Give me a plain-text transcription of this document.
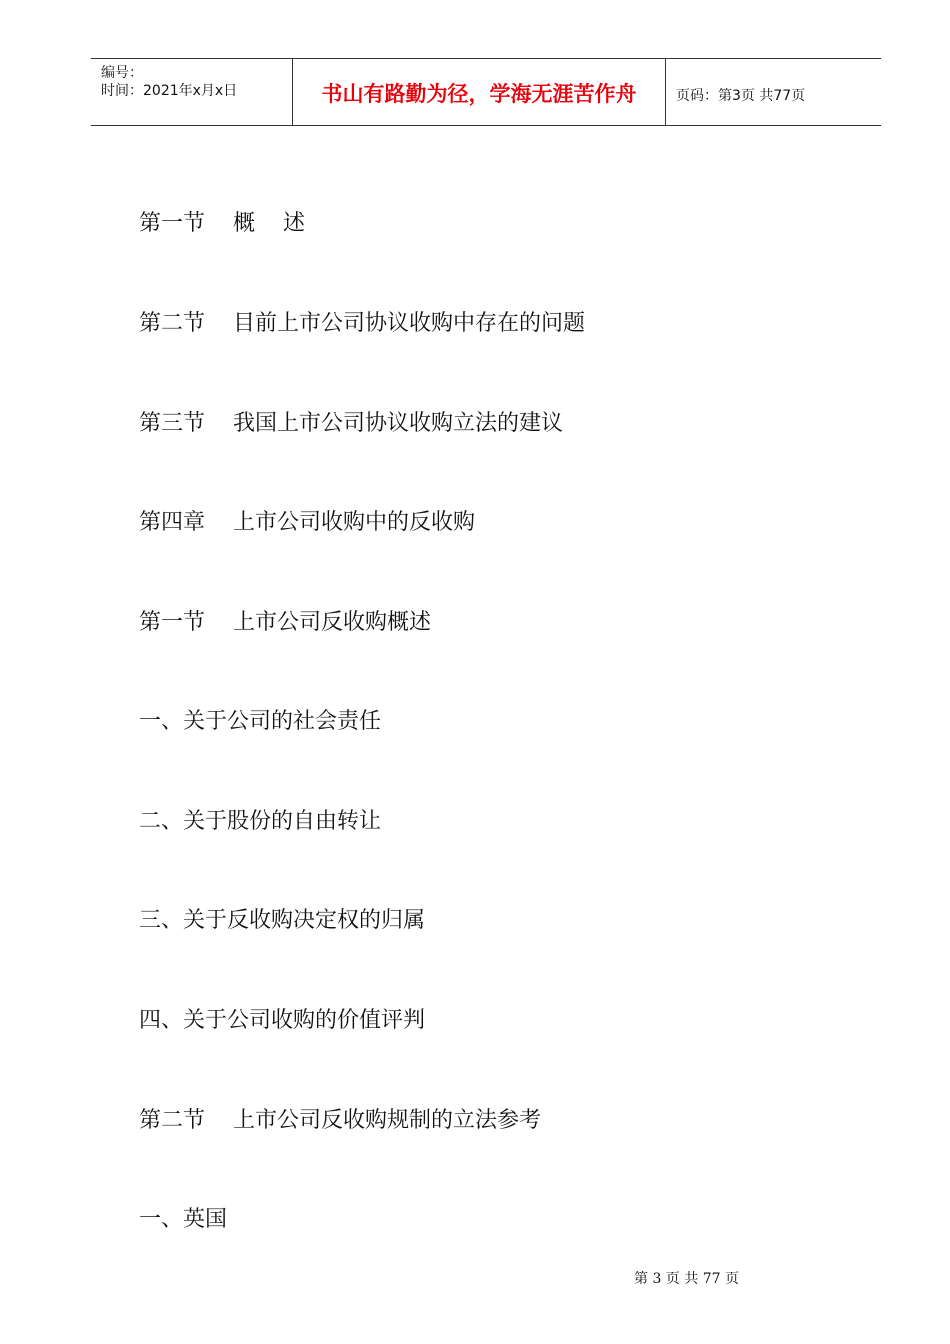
编号：
时间：2021年x月x日	书山有路勤为径，学海无涯苦作舟	页码：第3页 共77页
第一节    概    述
第二节    目前上市公司协议收购中存在的问题
第三节    我国上市公司协议收购立法的建议
第四章    上市公司收购中的反收购
第一节    上市公司反收购概述
一、关于公司的社会责任
二、关于股份的自由转让
三、关于反收购决定权的归属
四、关于公司收购的价值评判
第二节    上市公司反收购规制的立法参考
一、英国
第 3 页 共 77 页
